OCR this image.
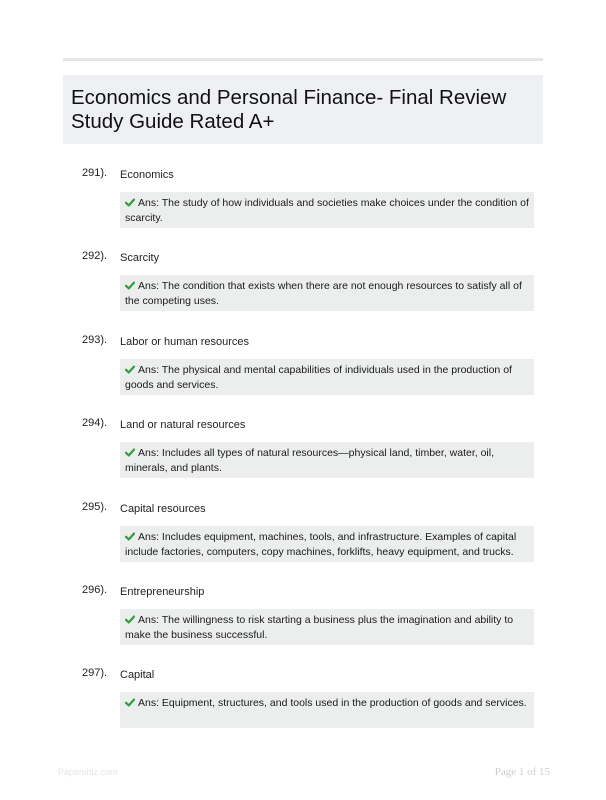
Economics and Personal Finance- Final Review
Study Guide Rated A+
291). Economics
Ans: The study of how individuals and societies make choices under the condition of scarcity.
292). Scarcity
Ans: The condition that exists when there are not enough resources to satisfy all of the competing uses.
293). Labor or human resources
Ans: The physical and mental capabilities of individuals used in the production of goods and services.
294). Land or natural resources
Ans: Includes all types of natural resources—physical land, timber, water, oil, minerals, and plants.
295). Capital resources
Ans: Includes equipment, machines, tools, and infrastructure. Examples of capital include factories, computers, copy machines, forklifts, heavy equipment, and trucks.
296). Entrepreneurship
Ans: The willingness to risk starting a business plus the imagination and ability to make the business successful.
297). Capital
Ans: Equipment, structures, and tools used in the production of goods and services.
Papersbiz.com	Page 1 of 15
